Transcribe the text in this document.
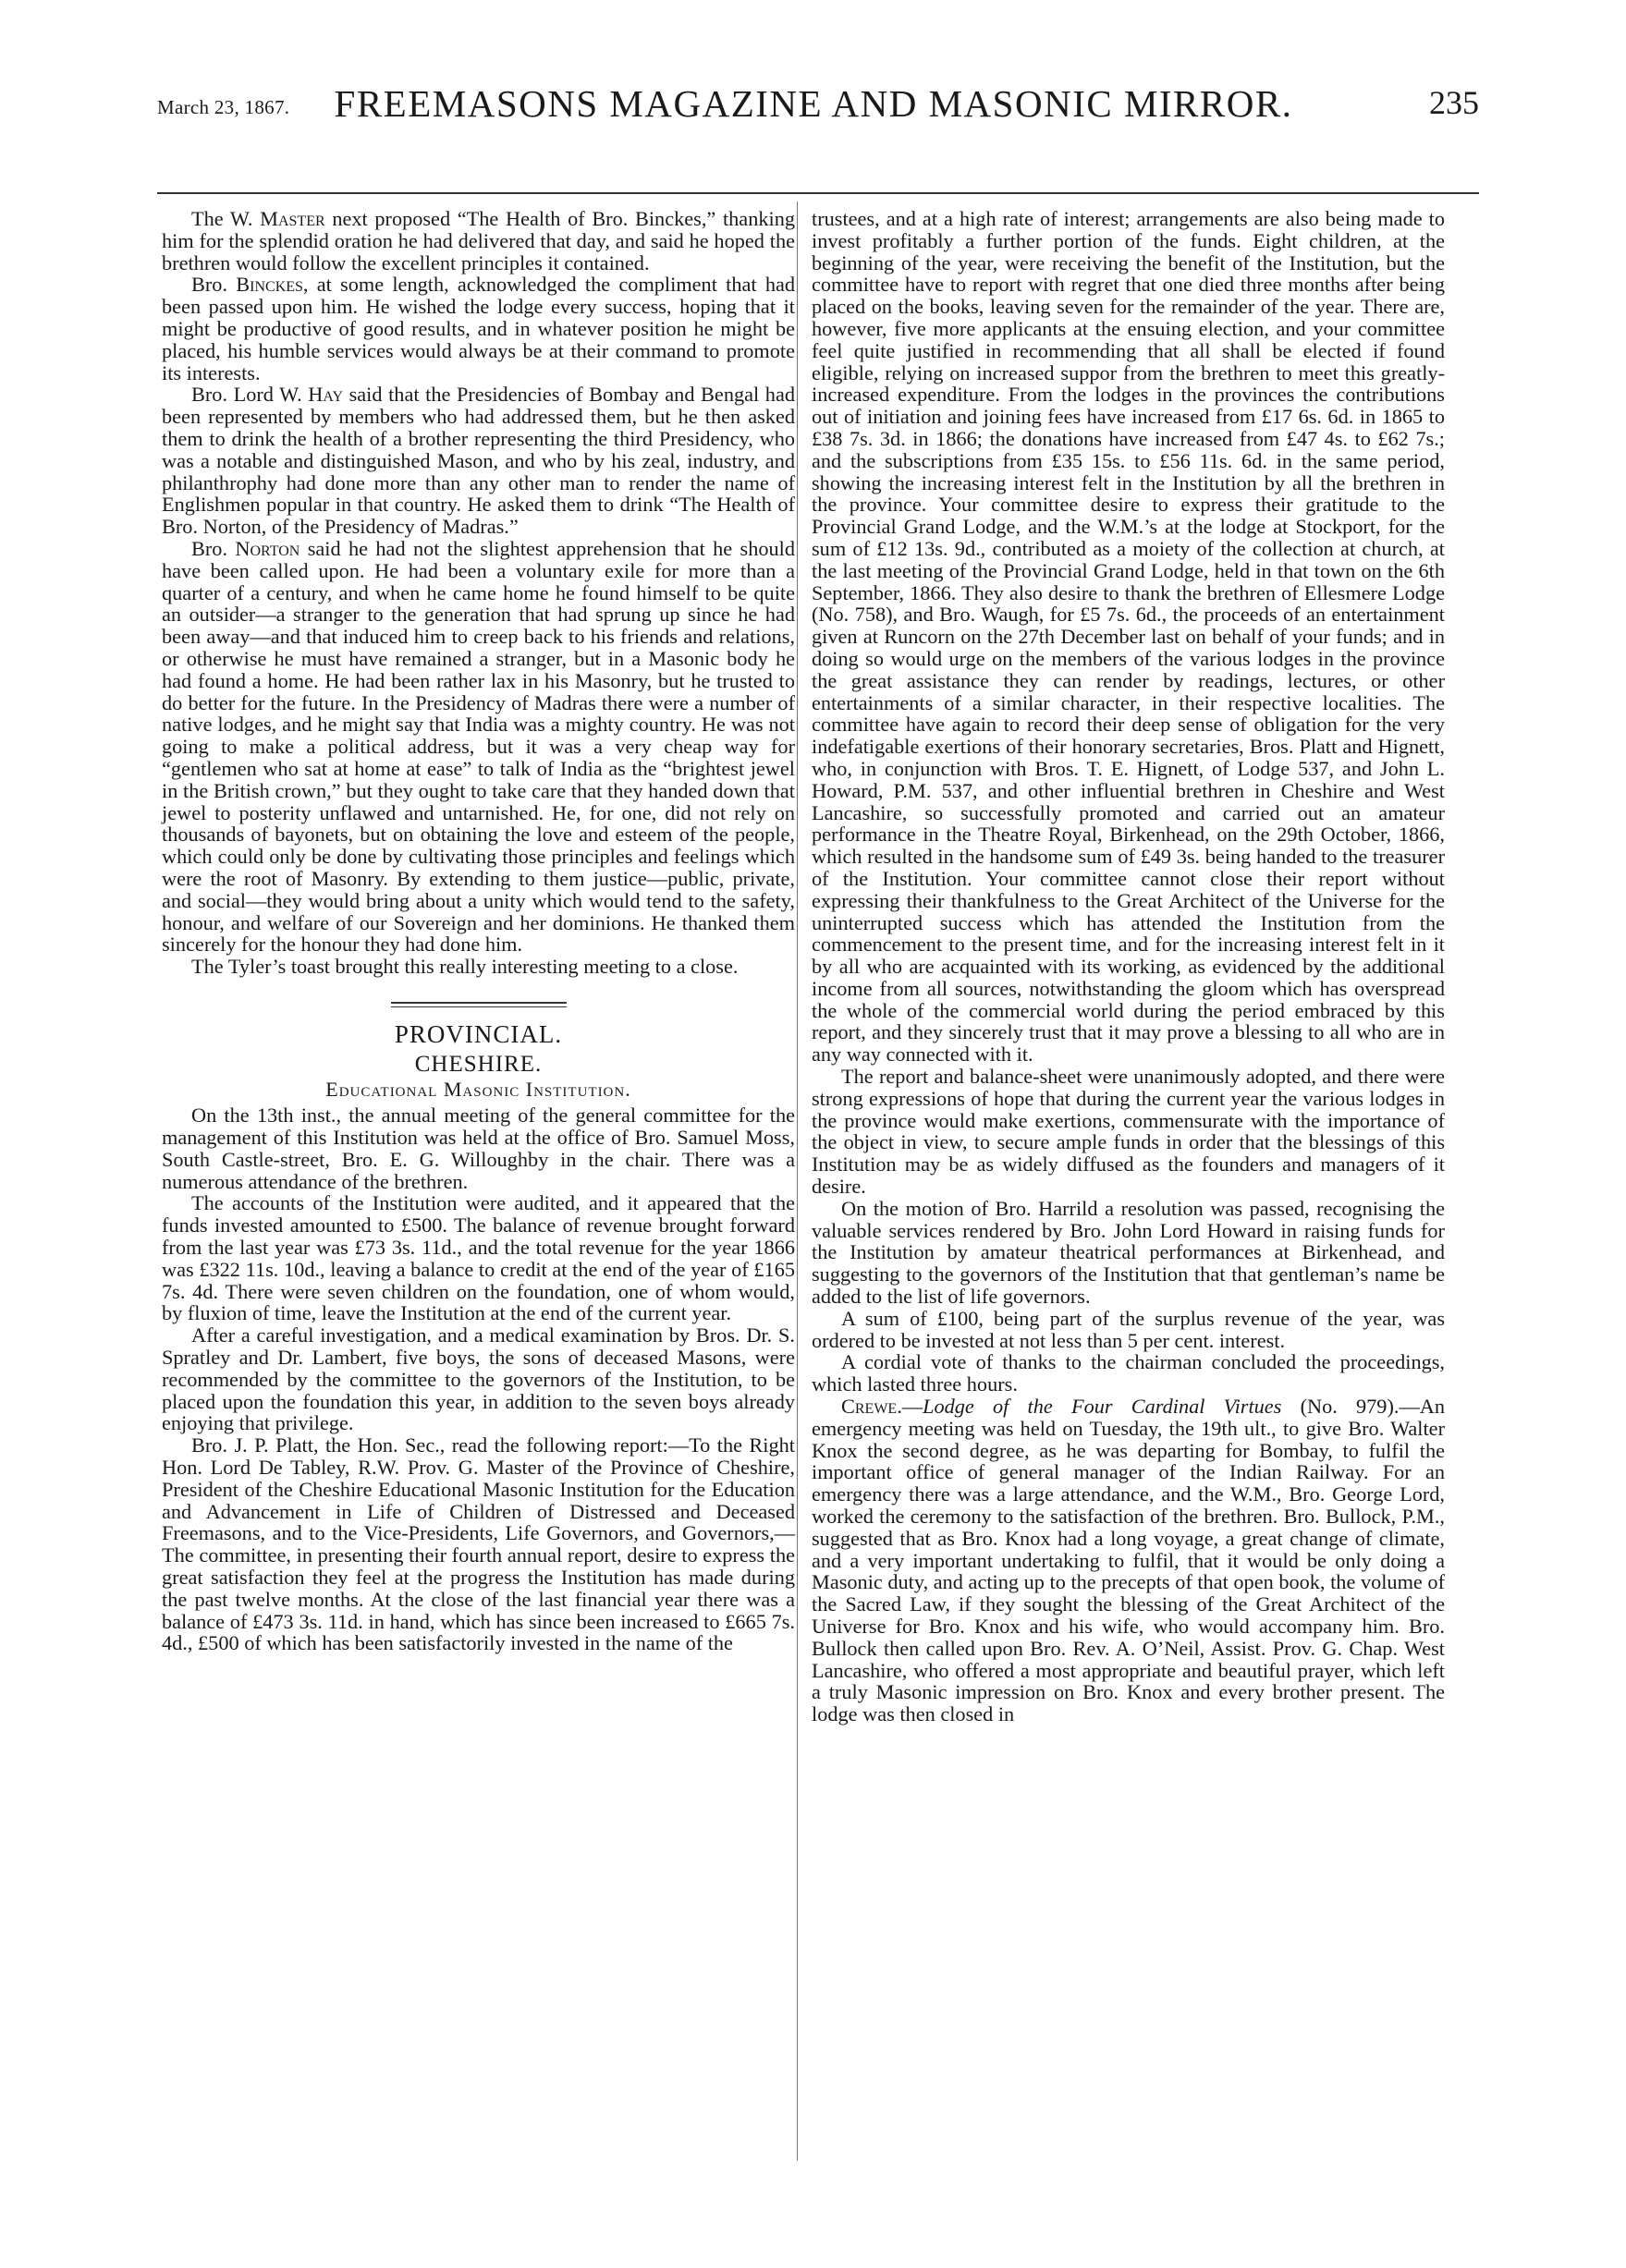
March 23, 1867.	FREEMASONS MAGAZINE AND MASONIC MIRROR.	235

The W. Master next proposed “The Health of Bro. Binckes,” thanking him for the splendid oration he had delivered that day, and said he hoped the brethren would follow the excellent principles it contained.

Bro. Binckes, at some length, acknowledged the compliment that had been passed upon him. He wished the lodge every success, hoping that it might be productive of good results, and in whatever position he might be placed, his humble services would always be at their command to promote its interests.

Bro. Lord W. Hay said that the Presidencies of Bombay and Bengal had been represented by members who had addressed them, but he then asked them to drink the health of a brother representing the third Presidency, who was a notable and distinguished Mason, and who by his zeal, industry, and philanthrophy had done more than any other man to render the name of Englishmen popular in that country. He asked them to drink “The Health of Bro. Norton, of the Presidency of Madras.”

Bro. Norton said he had not the slightest apprehension that he should have been called upon. He had been a voluntary exile for more than a quarter of a century, and when he came home he found himself to be quite an outsider—a stranger to the generation that had sprung up since he had been away—and that induced him to creep back to his friends and relations, or otherwise he must have remained a stranger, but in a Masonic body he had found a home. He had been rather lax in his Masonry, but he trusted to do better for the future. In the Presidency of Madras there were a number of native lodges, and he might say that India was a mighty country. He was not going to make a political address, but it was a very cheap way for “gentlemen who sat at home at ease” to talk of India as the “brightest jewel in the British crown,” but they ought to take care that they handed down that jewel to posterity unflawed and untarnished. He, for one, did not rely on thousands of bayonets, but on obtaining the love and esteem of the people, which could only be done by cultivating those principles and feelings which were the root of Masonry. By extending to them justice—public, private, and social—they would bring about a unity which would tend to the safety, honour, and welfare of our Sovereign and her dominions. He thanked them sincerely for the honour they had done him.

The Tyler’s toast brought this really interesting meeting to a close.

PROVINCIAL.
CHESHIRE.
Educational Masonic Institution.

On the 13th inst., the annual meeting of the general committee for the management of this Institution was held at the office of Bro. Samuel Moss, South Castle-street, Bro. E. G. Willoughby in the chair. There was a numerous attendance of the brethren.

The accounts of the Institution were audited, and it appeared that the funds invested amounted to £500. The balance of revenue brought forward from the last year was £73 3s. 11d., and the total revenue for the year 1866 was £322 11s. 10d., leaving a balance to credit at the end of the year of £165 7s. 4d. There were seven children on the foundation, one of whom would, by fluxion of time, leave the Institution at the end of the current year.

After a careful investigation, and a medical examination by Bros. Dr. S. Spratley and Dr. Lambert, five boys, the sons of deceased Masons, were recommended by the committee to the governors of the Institution, to be placed upon the foundation this year, in addition to the seven boys already enjoying that privilege.

Bro. J. P. Platt, the Hon. Sec., read the following report:—To the Right Hon. Lord De Tabley, R.W. Prov. G. Master of the Province of Cheshire, President of the Cheshire Educational Masonic Institution for the Education and Advancement in Life of Children of Distressed and Deceased Freemasons, and to the Vice-Presidents, Life Governors, and Governors,—The committee, in presenting their fourth annual report, desire to express the great satisfaction they feel at the progress the Institution has made during the past twelve months. At the close of the last financial year there was a balance of £473 3s. 11d. in hand, which has since been increased to £665 7s. 4d., £500 of which has been satisfactorily invested in the name of the

trustees, and at a high rate of interest; arrangements are also being made to invest profitably a further portion of the funds. Eight children, at the beginning of the year, were receiving the benefit of the Institution, but the committee have to report with regret that one died three months after being placed on the books, leaving seven for the remainder of the year. There are, however, five more applicants at the ensuing election, and your committee feel quite justified in recommending that all shall be elected if found eligible, relying on increased suppor from the brethren to meet this greatly-increased expenditure. From the lodges in the provinces the contributions out of initiation and joining fees have increased from £17 6s. 6d. in 1865 to £38 7s. 3d. in 1866; the donations have increased from £47 4s. to £62 7s.; and the subscriptions from £35 15s. to £56 11s. 6d. in the same period, showing the increasing interest felt in the Institution by all the brethren in the province. Your committee desire to express their gratitude to the Provincial Grand Lodge, and the W.M.’s at the lodge at Stockport, for the sum of £12 13s. 9d., contributed as a moiety of the collection at church, at the last meeting of the Provincial Grand Lodge, held in that town on the 6th September, 1866. They also desire to thank the brethren of Ellesmere Lodge (No. 758), and Bro. Waugh, for £5 7s. 6d., the proceeds of an entertainment given at Runcorn on the 27th December last on behalf of your funds; and in doing so would urge on the members of the various lodges in the province the great assistance they can render by readings, lectures, or other entertainments of a similar character, in their respective localities. The committee have again to record their deep sense of obligation for the very indefatigable exertions of their honorary secretaries, Bros. Platt and Hignett, who, in conjunction with Bros. T. E. Hignett, of Lodge 537, and John L. Howard, P.M. 537, and other influential brethren in Cheshire and West Lancashire, so successfully promoted and carried out an amateur performance in the Theatre Royal, Birkenhead, on the 29th October, 1866, which resulted in the handsome sum of £49 3s. being handed to the treasurer of the Institution. Your committee cannot close their report without expressing their thankfulness to the Great Architect of the Universe for the uninterrupted success which has attended the Institution from the commencement to the present time, and for the increasing interest felt in it by all who are acquainted with its working, as evidenced by the additional income from all sources, notwithstanding the gloom which has overspread the whole of the commercial world during the period embraced by this report, and they sincerely trust that it may prove a blessing to all who are in any way connected with it.

The report and balance-sheet were unanimously adopted, and there were strong expressions of hope that during the current year the various lodges in the province would make exertions, commensurate with the importance of the object in view, to secure ample funds in order that the blessings of this Institution may be as widely diffused as the founders and managers of it desire.

On the motion of Bro. Harrild a resolution was passed, recognising the valuable services rendered by Bro. John Lord Howard in raising funds for the Institution by amateur theatrical performances at Birkenhead, and suggesting to the governors of the Institution that that gentleman’s name be added to the list of life governors.

A sum of £100, being part of the surplus revenue of the year, was ordered to be invested at not less than 5 per cent. interest.

A cordial vote of thanks to the chairman concluded the proceedings, which lasted three hours.

Crewe.—Lodge of the Four Cardinal Virtues (No. 979).—An emergency meeting was held on Tuesday, the 19th ult., to give Bro. Walter Knox the second degree, as he was departing for Bombay, to fulfil the important office of general manager of the Indian Railway. For an emergency there was a large attendance, and the W.M., Bro. George Lord, worked the ceremony to the satisfaction of the brethren. Bro. Bullock, P.M., suggested that as Bro. Knox had a long voyage, a great change of climate, and a very important undertaking to fulfil, that it would be only doing a Masonic duty, and acting up to the precepts of that open book, the volume of the Sacred Law, if they sought the blessing of the Great Architect of the Universe for Bro. Knox and his wife, who would accompany him. Bro. Bullock then called upon Bro. Rev. A. O’Neil, Assist. Prov. G. Chap. West Lancashire, who offered a most appropriate and beautiful prayer, which left a truly Masonic impression on Bro. Knox and every brother present. The lodge was then closed in
